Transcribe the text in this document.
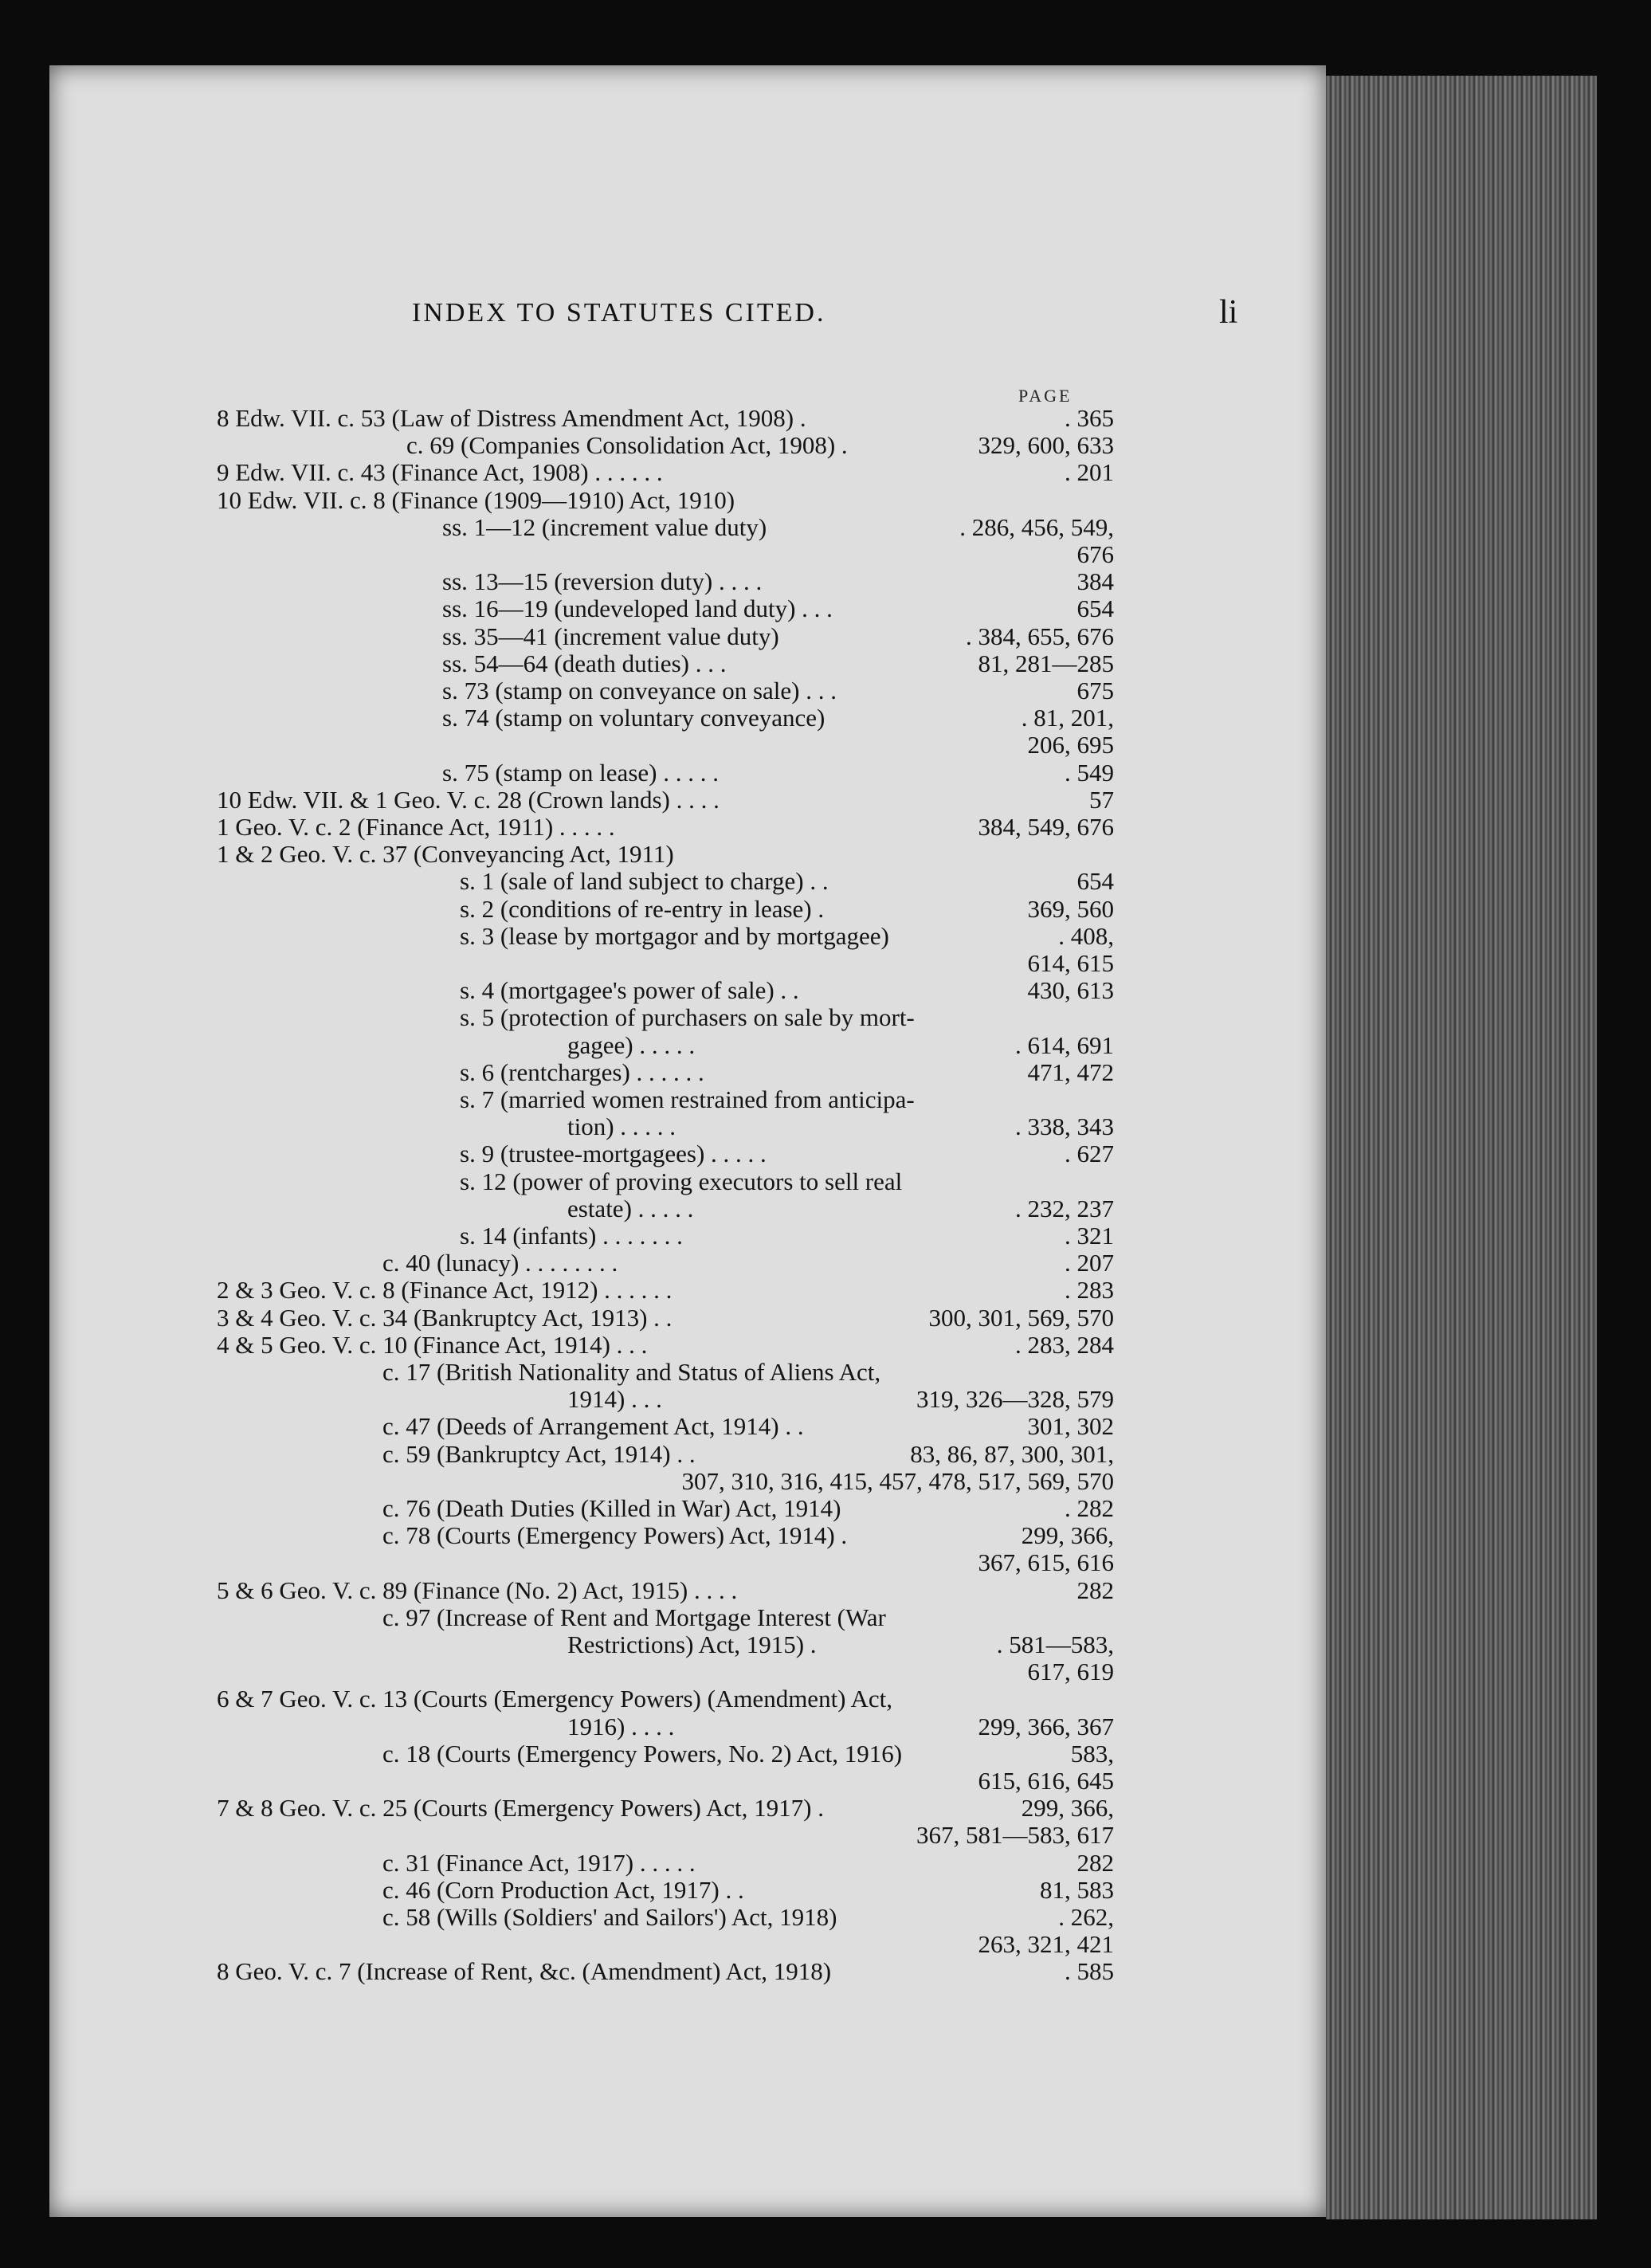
INDEX TO STATUTES CITED.	li
PAGE
8 Edw. VII. c. 53 (Law of Distress Amendment Act, 1908) .	. 365
c. 69 (Companies Consolidation Act, 1908) .	329, 600, 633
9 Edw. VII. c. 43 (Finance Act, 1908) . . . . . .	. 201
10 Edw. VII. c. 8 (Finance (1909—1910) Act, 1910)
ss. 1—12 (increment value duty)	. 286, 456, 549,
676
ss. 13—15 (reversion duty) . . . .	384
ss. 16—19 (undeveloped land duty) . . .	654
ss. 35—41 (increment value duty)	. 384, 655, 676
ss. 54—64 (death duties) . . .	81, 281—285
s. 73 (stamp on conveyance on sale) . . .	675
s. 74 (stamp on voluntary conveyance)	. 81, 201,
206, 695
s. 75 (stamp on lease) . . . . .	. 549
10 Edw. VII. & 1 Geo. V. c. 28 (Crown lands) . . . .	57
1 Geo. V. c. 2 (Finance Act, 1911) . . . . .	384, 549, 676
1 & 2 Geo. V. c. 37 (Conveyancing Act, 1911)
s. 1 (sale of land subject to charge) . .	654
s. 2 (conditions of re-entry in lease) .	369, 560
s. 3 (lease by mortgagor and by mortgagee)	. 408,
614, 615
s. 4 (mortgagee's power of sale) . .	430, 613
s. 5 (protection of purchasers on sale by mort-
gagee) . . . . .	. 614, 691
s. 6 (rentcharges) . . . . . .	471, 472
s. 7 (married women restrained from anticipa-
tion) . . . . .	. 338, 343
s. 9 (trustee-mortgagees) . . . . .	. 627
s. 12 (power of proving executors to sell real
estate) . . . . .	. 232, 237
s. 14 (infants) . . . . . . .	. 321
c. 40 (lunacy) . . . . . . . .	. 207
2 & 3 Geo. V. c. 8 (Finance Act, 1912) . . . . . .	. 283
3 & 4 Geo. V. c. 34 (Bankruptcy Act, 1913) . .	300, 301, 569, 570
4 & 5 Geo. V. c. 10 (Finance Act, 1914) . . .	. 283, 284
c. 17 (British Nationality and Status of Aliens Act,
1914) . . .	319, 326—328, 579
c. 47 (Deeds of Arrangement Act, 1914) . .	301, 302
c. 59 (Bankruptcy Act, 1914) . .	83, 86, 87, 300, 301,
307, 310, 316, 415, 457, 478, 517, 569, 570
c. 76 (Death Duties (Killed in War) Act, 1914)	. 282
c. 78 (Courts (Emergency Powers) Act, 1914) .	299, 366,
367, 615, 616
5 & 6 Geo. V. c. 89 (Finance (No. 2) Act, 1915) . . . .	282
c. 97 (Increase of Rent and Mortgage Interest (War
Restrictions) Act, 1915) .	. 581—583,
617, 619
6 & 7 Geo. V. c. 13 (Courts (Emergency Powers) (Amendment) Act,
1916) . . . .	299, 366, 367
c. 18 (Courts (Emergency Powers, No. 2) Act, 1916)	583,
615, 616, 645
7 & 8 Geo. V. c. 25 (Courts (Emergency Powers) Act, 1917) .	299, 366,
367, 581—583, 617
c. 31 (Finance Act, 1917) . . . . .	282
c. 46 (Corn Production Act, 1917) . .	81, 583
c. 58 (Wills (Soldiers' and Sailors') Act, 1918)	. 262,
263, 321, 421
8 Geo. V. c. 7 (Increase of Rent, &c. (Amendment) Act, 1918)	. 585
